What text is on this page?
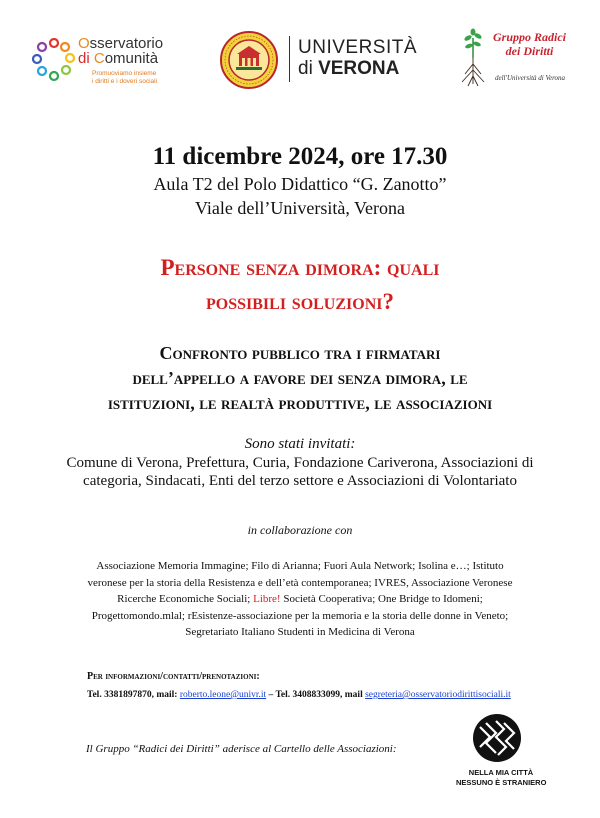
Osservatorio
di Comunità
Promuoviamo insieme
i diritti e i doveri sociali
UNIVERSITÀ
di VERONA
Gruppo Radici
dei Diritti
dell'Università di Verona
11 dicembre 2024, ore 17.30
Aula T2 del Polo Didattico “G. Zanotto”
Viale dell’Università, Verona
Persone senza dimora: quali
possibili soluzioni?
Confronto pubblico tra i firmatari
dell’appello a favore dei senza dimora, le
istituzioni, le realtà produttive, le associazioni
Sono stati invitati:
Comune di Verona, Prefettura, Curia, Fondazione Cariverona, Associazioni di
categoria, Sindacati, Enti del terzo settore e Associazioni di Volontariato
in collaborazione con
Associazione Memoria Immagine; Filo di Arianna; Fuori Aula Network; Isolina e…; Istituto
veronese per la storia della Resistenza e dell’età contemporanea; IVRES, Associazione Veronese
Ricerche Economiche Sociali; Libre! Società Cooperativa; One Bridge to Idomeni;
Progettomondo.mlal; rEsistenze-associazione per la memoria e la storia delle donne in Veneto;
Segretariato Italiano Studenti in Medicina di Verona
Per informazioni/contatti/prenotazioni:
Tel. 3381897870, mail: roberto.leone@univr.it – Tel. 3408833099, mail segreteria@osservatoriodirittisociali.it
Il Gruppo “Radici dei Diritti” aderisce al Cartello delle Associazioni:
NELLA MIA CITTÀ
NESSUNO È STRANIERO
